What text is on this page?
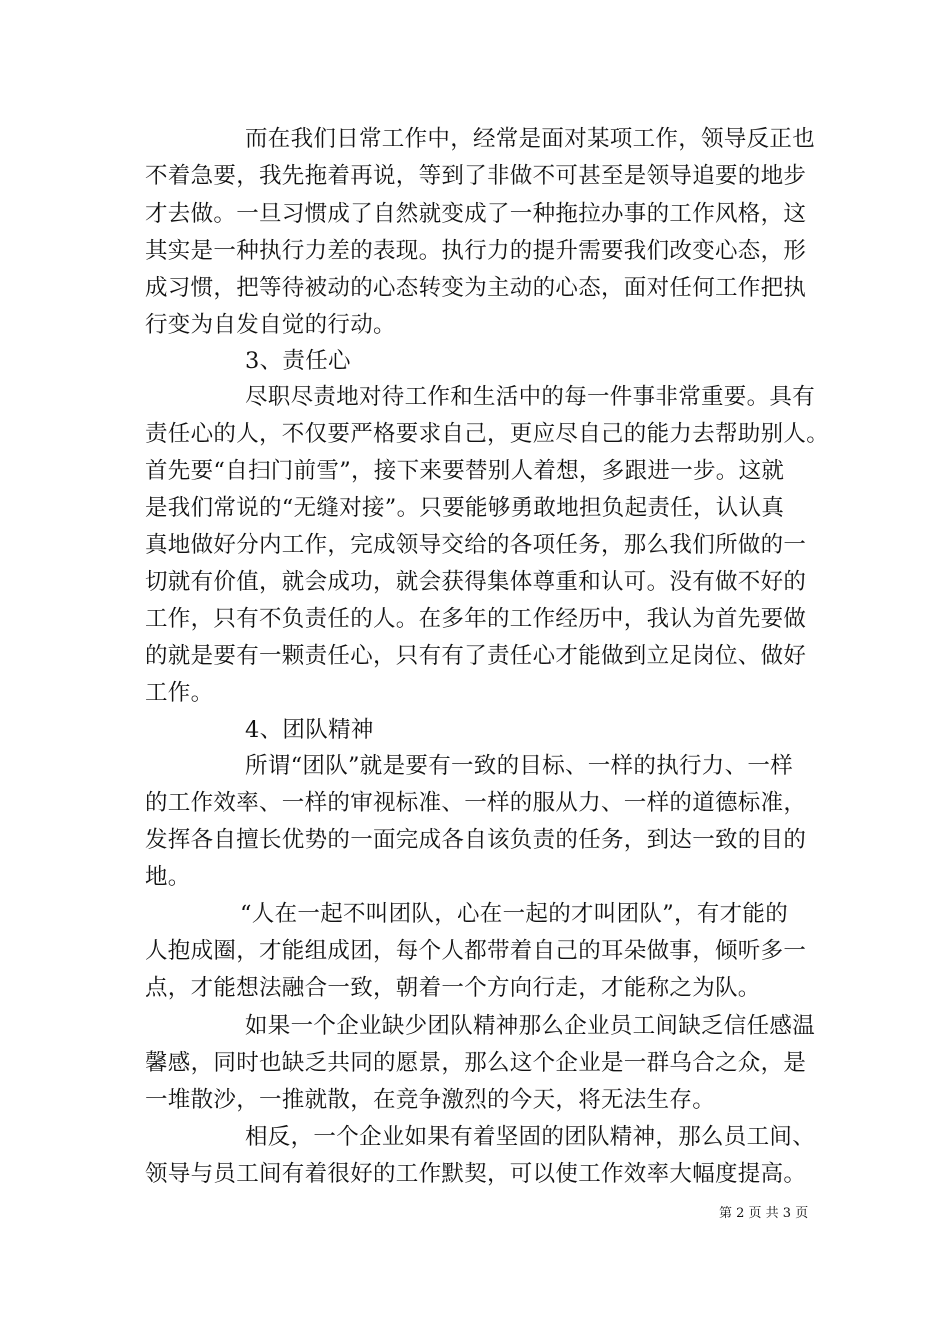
而在我们日常工作中，经常是面对某项工作，领导反正也
不着急要，我先拖着再说，等到了非做不可甚至是领导追要的地步
才去做。一旦习惯成了自然就变成了一种拖拉办事的工作风格，这
其实是一种执行力差的表现。执行力的提升需要我们改变心态，形
成习惯，把等待被动的心态转变为主动的心态，面对任何工作把执
行变为自发自觉的行动。
3、责任心
尽职尽责地对待工作和生活中的每一件事非常重要。具有
责任心的人，不仅要严格要求自己，更应尽自己的能力去帮助别人。
首先要“自扫门前雪”，接下来要替别人着想，多跟进一步。这就
是我们常说的“无缝对接”。只要能够勇敢地担负起责任，认认真
真地做好分内工作，完成领导交给的各项任务，那么我们所做的一
切就有价值，就会成功，就会获得集体尊重和认可。没有做不好的
工作，只有不负责任的人。在多年的工作经历中，我认为首先要做
的就是要有一颗责任心，只有有了责任心才能做到立足岗位、做好
工作。
4、团队精神
所谓“团队”就是要有一致的目标、一样的执行力、一样
的工作效率、一样的审视标准、一样的服从力、一样的道德标准，
发挥各自擅长优势的一面完成各自该负责的任务，到达一致的目的
地。
“人在一起不叫团队，心在一起的才叫团队”，有才能的
人抱成圈，才能组成团，每个人都带着自己的耳朵做事，倾听多一
点，才能想法融合一致，朝着一个方向行走，才能称之为队。
如果一个企业缺少团队精神那么企业员工间缺乏信任感温
馨感，同时也缺乏共同的愿景，那么这个企业是一群乌合之众，是
一堆散沙，一推就散，在竞争激烈的今天，将无法生存。
相反，一个企业如果有着坚固的团队精神，那么员工间、
领导与员工间有着很好的工作默契，可以使工作效率大幅度提高。
第 2 页 共 3 页
